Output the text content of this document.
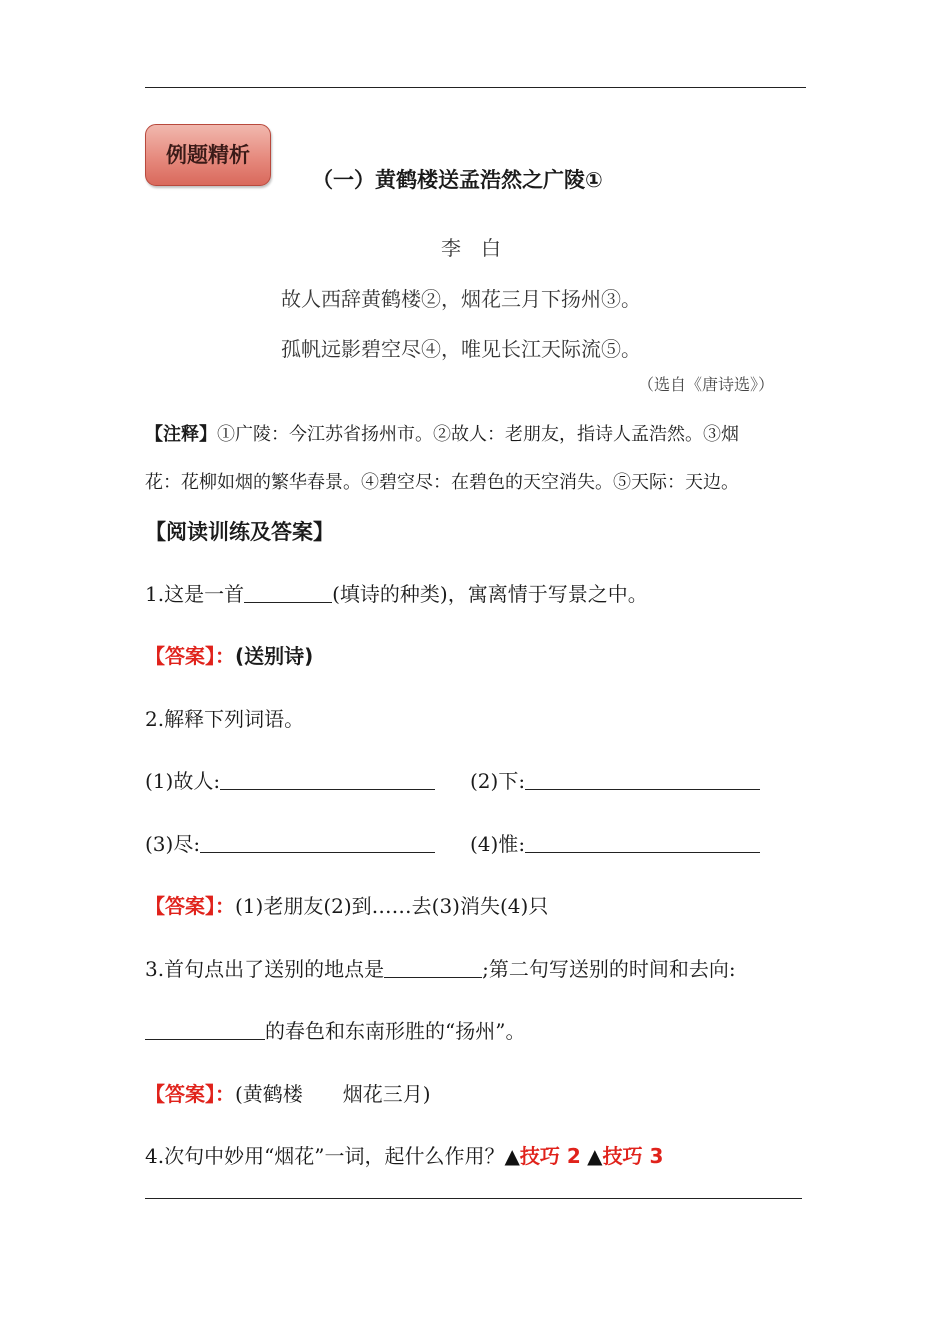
例题精析
（一）黄鹤楼送孟浩然之广陵①
李　白
故人西辞黄鹤楼②，烟花三月下扬州③。
孤帆远影碧空尽④，唯见长江天际流⑤。
（选自《唐诗选》）
【注释】①广陵：今江苏省扬州市。②故人：老朋友，指诗人孟浩然。③烟
花：花柳如烟的繁华春景。④碧空尽：在碧色的天空消失。⑤天际：天边。
【阅读训练及答案】
1.这是一首	(填诗的种类)，寓离情于写景之中。
【答案】：(送别诗)
2.解释下列词语。
(1)故人:	(2)下:
(3)尽:	(4)惟:
【答案】：(1)老朋友(2)到……去(3)消失(4)只
3.首句点出了送别的地点是	;第二句写送别的时间和去向:
的春色和东南形胜的“扬州”。
【答案】：(黄鹤楼　　烟花三月)
4.次句中妙用“烟花”一词，起什么作用？▲技巧 2 ▲技巧 3
